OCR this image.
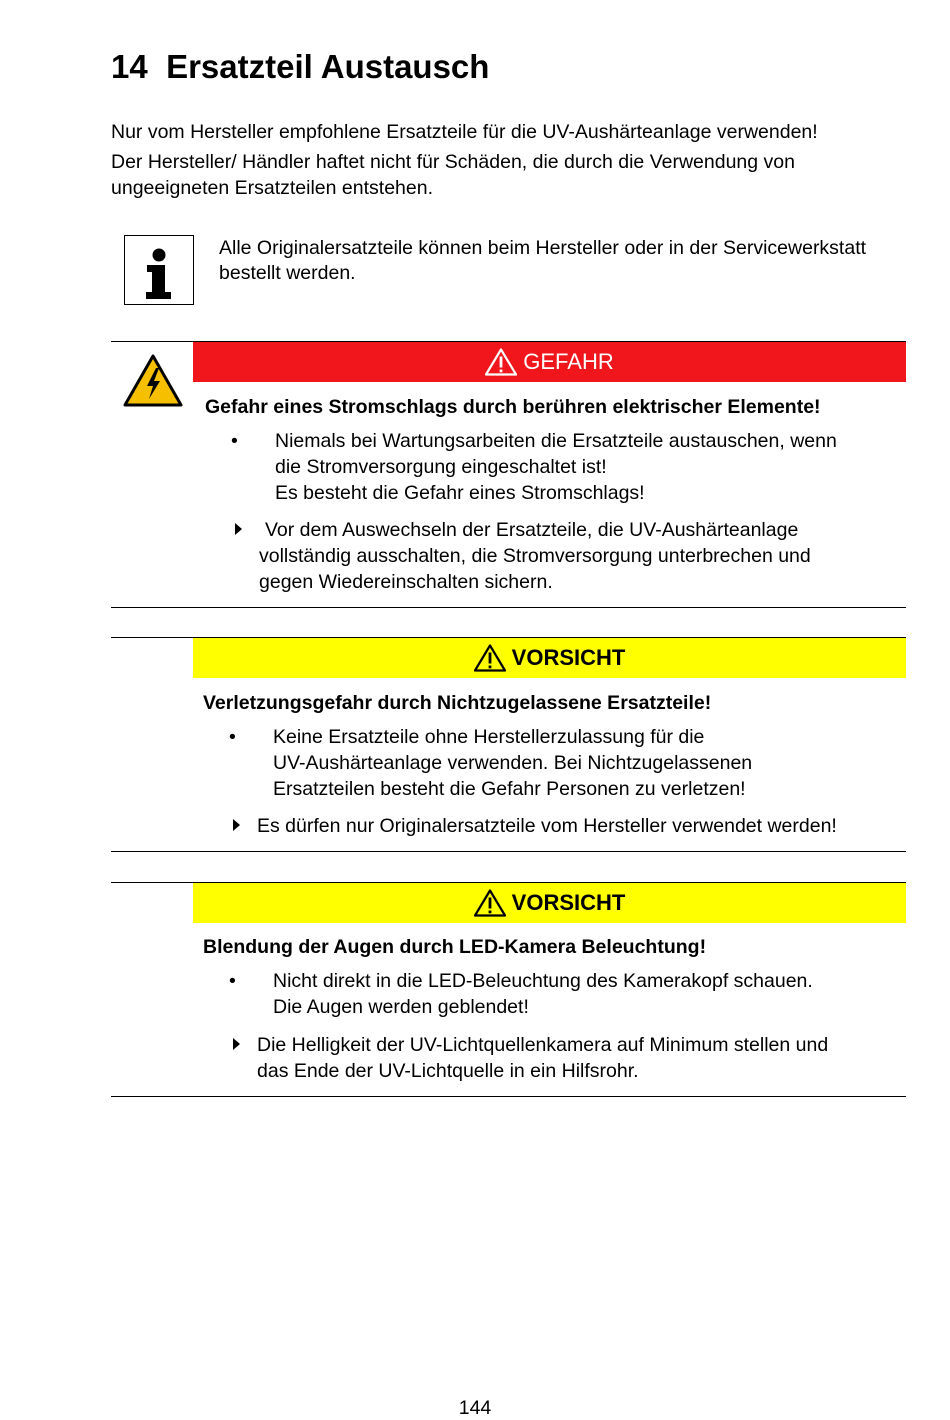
14 Ersatzteil Austausch
Nur vom Hersteller empfohlene Ersatzteile für die UV-Aushärteanlage verwenden!
Der Hersteller/ Händler haftet nicht für Schäden, die durch die Verwendung von ungeeigneten Ersatzteilen entstehen.
Alle Originalersatzteile können beim Hersteller oder in der Servicewerkstatt bestellt werden.
GEFAHR
Gefahr eines Stromschlags durch berühren elektrischer Elemente!
• Niemals bei Wartungsarbeiten die Ersatzteile austauschen, wenn
die Stromversorgung eingeschaltet ist!
Es besteht die Gefahr eines Stromschlags!
Vor dem Auswechseln der Ersatzteile, die UV-Aushärteanlage
vollständig ausschalten, die Stromversorgung unterbrechen und
gegen Wiedereinschalten sichern.
VORSICHT
Verletzungsgefahr durch Nichtzugelassene Ersatzteile!
• Keine Ersatzteile ohne Herstellerzulassung für die
UV-Aushärteanlage verwenden. Bei Nichtzugelassenen
Ersatzteilen besteht die Gefahr Personen zu verletzen!
Es dürfen nur Originalersatzteile vom Hersteller verwendet werden!
VORSICHT
Blendung der Augen durch LED-Kamera Beleuchtung!
• Nicht direkt in die LED-Beleuchtung des Kamerakopf schauen.
Die Augen werden geblendet!
Die Helligkeit der UV-Lichtquellenkamera auf Minimum stellen und
das Ende der UV-Lichtquelle in ein Hilfsrohr.
144
